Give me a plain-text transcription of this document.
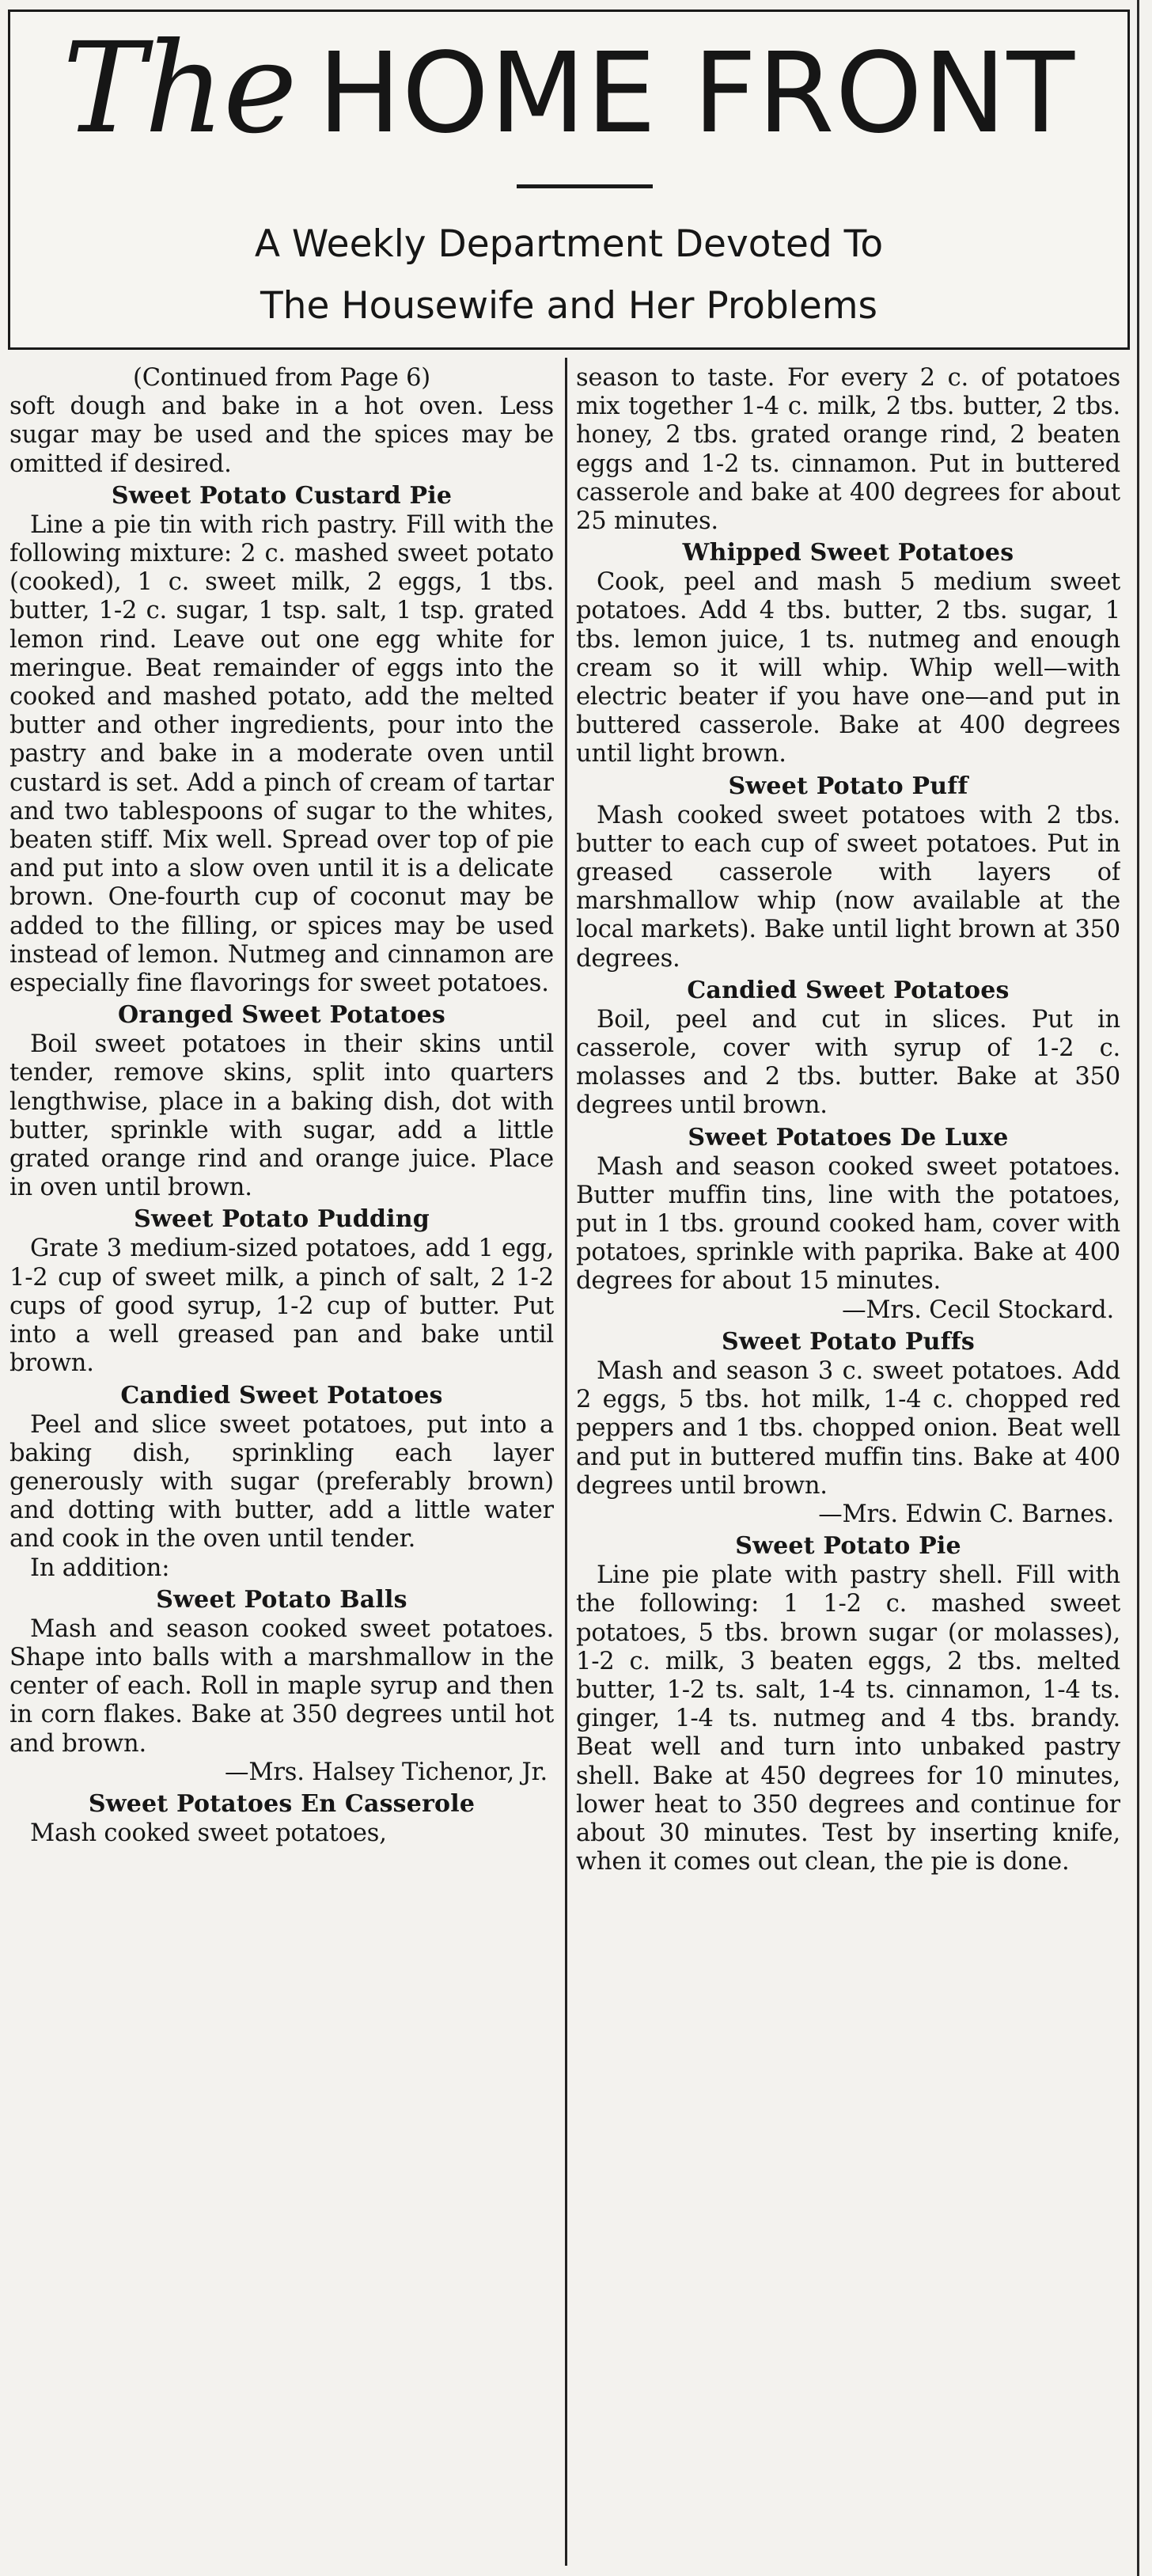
The HOME FRONT
A Weekly Department Devoted To
The Housewife and Her Problems

(Continued from Page 6)

soft dough and bake in a hot oven. Less sugar may be used and the spices may be omitted if desired.

Sweet Potato Custard Pie

Line a pie tin with rich pastry. Fill with the following mixture: 2 c. mashed sweet potato (cooked), 1 c. sweet milk, 2 eggs, 1 tbs. butter, 1-2 c. sugar, 1 tsp. salt, 1 tsp. grated lemon rind. Leave out one egg white for meringue. Beat remainder of eggs into the cooked and mashed potato, add the melted butter and other ingredients, pour into the pastry and bake in a moderate oven until custard is set. Add a pinch of cream of tartar and two tablespoons of sugar to the whites, beaten stiff. Mix well. Spread over top of pie and put into a slow oven until it is a delicate brown. One-fourth cup of coconut may be added to the filling, or spices may be used instead of lemon. Nutmeg and cinnamon are especially fine flavorings for sweet potatoes.

Oranged Sweet Potatoes

Boil sweet potatoes in their skins until tender, remove skins, split into quarters lengthwise, place in a baking dish, dot with butter, sprinkle with sugar, add a little grated orange rind and orange juice. Place in oven until brown.

Sweet Potato Pudding

Grate 3 medium-sized potatoes, add 1 egg, 1-2 cup of sweet milk, a pinch of salt, 2 1-2 cups of good syrup, 1-2 cup of butter. Put into a well greased pan and bake until brown.

Candied Sweet Potatoes

Peel and slice sweet potatoes, put into a baking dish, sprinkling each layer generously with sugar (preferably brown) and dotting with butter, add a little water and cook in the oven until tender.

In addition:

Sweet Potato Balls

Mash and season cooked sweet potatoes. Shape into balls with a marshmallow in the center of each. Roll in maple syrup and then in corn flakes. Bake at 350 degrees until hot and brown.

—Mrs. Halsey Tichenor, Jr.

Sweet Potatoes En Casserole

Mash cooked sweet potatoes,

season to taste. For every 2 c. of potatoes mix together 1-4 c. milk, 2 tbs. butter, 2 tbs. honey, 2 tbs. grated orange rind, 2 beaten eggs and 1-2 ts. cinnamon. Put in buttered casserole and bake at 400 degrees for about 25 minutes.

Whipped Sweet Potatoes

Cook, peel and mash 5 medium sweet potatoes. Add 4 tbs. butter, 2 tbs. sugar, 1 tbs. lemon juice, 1 ts. nutmeg and enough cream so it will whip. Whip well—with electric beater if you have one—and put in buttered casserole. Bake at 400 degrees until light brown.

Sweet Potato Puff

Mash cooked sweet potatoes with 2 tbs. butter to each cup of sweet potatoes. Put in greased casserole with layers of marshmallow whip (now available at the local markets). Bake until light brown at 350 degrees.

Candied Sweet Potatoes

Boil, peel and cut in slices. Put in casserole, cover with syrup of 1-2 c. molasses and 2 tbs. butter. Bake at 350 degrees until brown.

Sweet Potatoes De Luxe

Mash and season cooked sweet potatoes. Butter muffin tins, line with the potatoes, put in 1 tbs. ground cooked ham, cover with potatoes, sprinkle with paprika. Bake at 400 degrees for about 15 minutes.

—Mrs. Cecil Stockard.

Sweet Potato Puffs

Mash and season 3 c. sweet potatoes. Add 2 eggs, 5 tbs. hot milk, 1-4 c. chopped red peppers and 1 tbs. chopped onion. Beat well and put in buttered muffin tins. Bake at 400 degrees until brown.

—Mrs. Edwin C. Barnes.

Sweet Potato Pie

Line pie plate with pastry shell. Fill with the following: 1 1-2 c. mashed sweet potatoes, 5 tbs. brown sugar (or molasses), 1-2 c. milk, 3 beaten eggs, 2 tbs. melted butter, 1-2 ts. salt, 1-4 ts. cinnamon, 1-4 ts. ginger, 1-4 ts. nutmeg and 4 tbs. brandy. Beat well and turn into unbaked pastry shell. Bake at 450 degrees for 10 minutes, lower heat to 350 degrees and continue for about 30 minutes. Test by inserting knife, when it comes out clean, the pie is done.
